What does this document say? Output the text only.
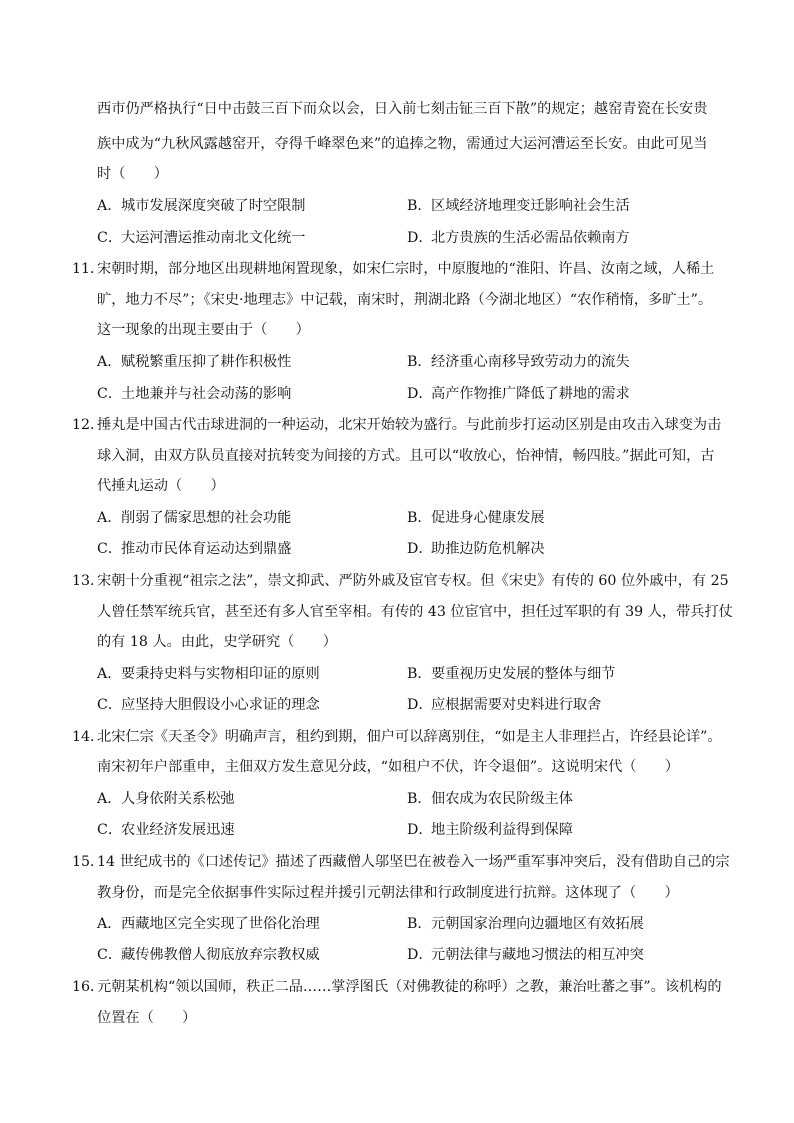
西市仍严格执行“日中击鼓三百下而众以会，日入前七刻击钲三百下散”的规定；越窑青瓷在长安贵
族中成为“九秋风露越窑开，夺得千峰翠色来”的追捧之物，需通过大运河漕运至长安。由此可见当
时（　　）
A．城市发展深度突破了时空限制	B．区域经济地理变迁影响社会生活
C．大运河漕运推动南北文化统一	D．北方贵族的生活必需品依赖南方
11．
宋朝时期，部分地区出现耕地闲置现象，如宋仁宗时，中原腹地的“淮阳、许昌、汝南之域，人稀土
旷，地力不尽”；《宋史·地理志》中记载，南宋时，荆湖北路（今湖北地区）“农作稍惰，多旷土”。
这一现象的出现主要由于（　　）
A．赋税繁重压抑了耕作积极性	B．经济重心南移导致劳动力的流失
C．土地兼并与社会动荡的影响	D．高产作物推广降低了耕地的需求
12．
捶丸是中国古代击球进洞的一种运动，北宋开始较为盛行。与此前步打运动区别是由攻击入球变为击
球入洞，由双方队员直接对抗转变为间接的方式。且可以“收放心，怡神情，畅四肢。”据此可知，古
代捶丸运动（　　）
A．削弱了儒家思想的社会功能	B．促进身心健康发展
C．推动市民体育运动达到鼎盛	D．助推边防危机解决
13．
宋朝十分重视“祖宗之法”，崇文抑武、严防外戚及宦官专权。但《宋史》有传的 60 位外戚中，有 25
人曾任禁军统兵官，甚至还有多人官至宰相。有传的 43 位宦官中，担任过军职的有 39 人，带兵打仗
的有 18 人。由此，史学研究（　　）
A．要秉持史料与实物相印证的原则	B．要重视历史发展的整体与细节
C．应坚持大胆假设小心求证的理念	D．应根据需要对史料进行取舍
14．
北宋仁宗《天圣令》明确声言，租约到期，佃户可以辞离别住，“如是主人非理拦占，许经县论详”。
南宋初年户部重申，主佃双方发生意见分歧，“如租户不伏，许令退佃”。这说明宋代（　　）
A．人身依附关系松弛	B．佃农成为农民阶级主体
C．农业经济发展迅速	D．地主阶级利益得到保障
15．
14 世纪成书的《口述传记》描述了西藏僧人邬坚巴在被卷入一场严重军事冲突后，没有借助自己的宗
教身份，而是完全依据事件实际过程并援引元朝法律和行政制度进行抗辩。这体现了（　　）
A．西藏地区完全实现了世俗化治理	B．元朝国家治理向边疆地区有效拓展
C．藏传佛教僧人彻底放弃宗教权威	D．元朝法律与藏地习惯法的相互冲突
16．
元朝某机构“领以国师，秩正二品……掌浮图氏（对佛教徒的称呼）之教，兼治吐蕃之事”。该机构的
位置在（　　）
